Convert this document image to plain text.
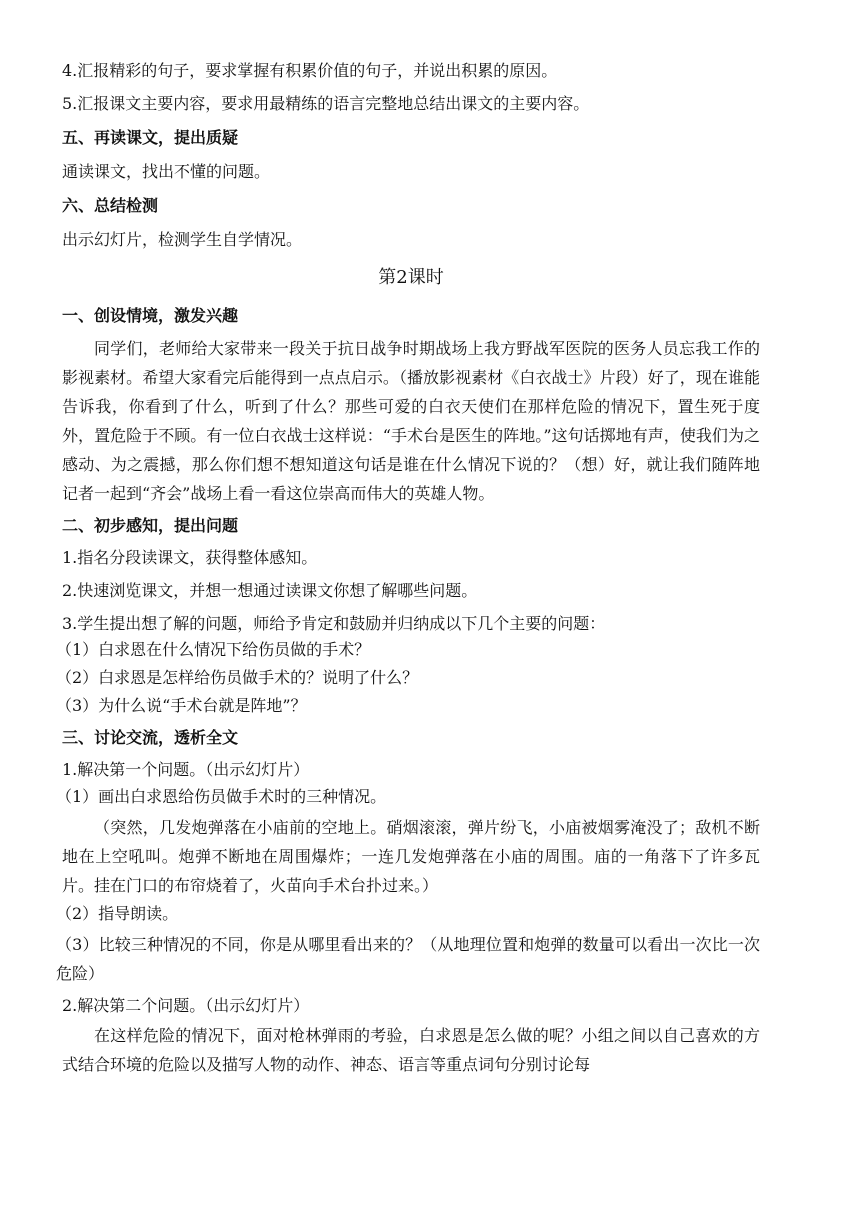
4.汇报精彩的句子，要求掌握有积累价值的句子，并说出积累的原因。
5.汇报课文主要内容，要求用最精练的语言完整地总结出课文的主要内容。
五、再读课文，提出质疑
通读课文，找出不懂的问题。
六、总结检测
出示幻灯片，检测学生自学情况。
第2课时
一、创设情境，激发兴趣

同学们，老师给大家带来一段关于抗日战争时期战场上我方野战军医院的医务人员忘我工作的影视素材。希望大家看完后能得到一点点启示。（播放影视素材《白衣战士》片段）好了，现在谁能告诉我，你看到了什么，听到了什么？那些可爱的白衣天使们在那样危险的情况下，置生死于度外，置危险于不顾。有一位白衣战士这样说：“手术台是医生的阵地。”这句话掷地有声，使我们为之感动、为之震撼，那么你们想不想知道这句话是谁在什么情况下说的？（想）好，就让我们随阵地记者一起到“齐会”战场上看一看这位崇高而伟大的英雄人物。

二、初步感知，提出问题
1.指名分段读课文，获得整体感知。
2.快速浏览课文，并想一想通过读课文你想了解哪些问题。
3.学生提出想了解的问题，师给予肯定和鼓励并归纳成以下几个主要的问题：
（1）白求恩在什么情况下给伤员做的手术？
（2）白求恩是怎样给伤员做手术的？说明了什么？
（3）为什么说“手术台就是阵地”？
三、讨论交流，透析全文
1.解决第一个问题。（出示幻灯片）
（1）画出白求恩给伤员做手术时的三种情况。

（突然，几发炮弹落在小庙前的空地上。硝烟滚滚，弹片纷飞，小庙被烟雾淹没了；敌机不断地在上空吼叫。炮弹不断地在周围爆炸；一连几发炮弹落在小庙的周围。庙的一角落下了许多瓦片。挂在门口的布帘烧着了，火苗向手术台扑过来。）

（2）指导朗读。

（3）比较三种情况的不同，你是从哪里看出来的？（从地理位置和炮弹的数量可以看出一次比一次危险）

2.解决第二个问题。（出示幻灯片）

在这样危险的情况下，面对枪林弹雨的考验，白求恩是怎么做的呢？小组之间以自己喜欢的方式结合环境的危险以及描写人物的动作、神态、语言等重点词句分别讨论每
